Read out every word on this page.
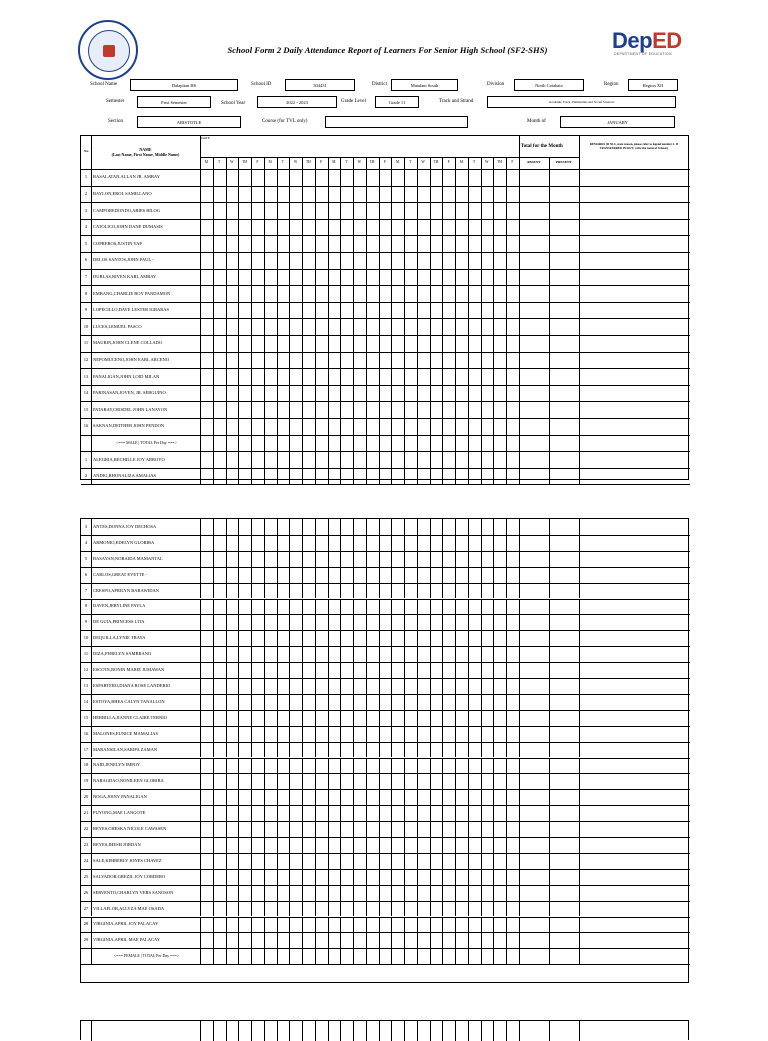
School Form 2 Daily Attendance Report of Learners For Senior High School (SF2-SHS)	DepED
DEPARTMENT OF EDUCATION
School Name	Dalapitan HS	School ID	304431	District	Matalam South	Division	North Cotabato	Region	Region XII
Semester	First Semester	School Year	2022 - 2023	Grade Level	Grade 11	Track and Strand	Academic Track -Humanities and Social Sciences
Section	ARISTOTLE	Course (for TVL only)	Month of	JANUARY
No.	NAME
(Last Name, First Name, Middle Name)
DATE
M	T	W	TH	F	M	T	W	TH	F	M	T	W	TH	F	M	T	W	TH	F	M	T	W	TH	F
Total for the Month
ABSENT	PRESENT
REMARKS (If NLS, state reason, please refer to legend number 2. If TRANSFERRED IN/OUT, write the name of School.)
1	BASALATAN,ALLAN JR. AMBAY
2	BAYLON,EROL SAMILLANO
3	CAMPOREDONDO,ARIES BILOG
4	CATOLICO,JOHN DANE DUMASIS
5	COPREROS,JUSTIN YAP
6	DELOS SANTOS,JOHN PAUL -
7	DUBLAS,RIVEN KARL AMBAY
8	EMBANG,CHARLIE BOY PANDAMON
9	LOPECILLO,DAVE LESTER IGBARAS
10	LUCES,LEMUEL PASCO
11	MAURIN,JOHN CLENE COLLADO
12	NEPOMUCENO,JOHN EARL ARCEÑO
13	PANALIGAN,JOHN LOID MILAN
14	PARINASAN,JOVEN, JR. SERGUINO
15	PATARAY,CRISDEL JOHN LANAYON
16	SAKNAN,DEITHER JOHN PENDON
<=== MALE | TOTAL Per Day ===>
1	ALEGRIA,RECHILLE JOY ARROYO
2	ANDIG,RHONALIZA AMALIAS
3	ANTES,DONNA JOY DECHOSA
4	ARMONIO,EDELYN GLORIBA
5	BASAYAN,NORAIDA MAMANTAL
6	CARLOS,GREAT EVETTE -
7	CRESPO,APRILYN BARAWIDAN
8	DAVEN,JERYLINE PAYLA
9	DE GUIA,PRINCESS LITA
10	DEQUILLA,LYNIE TRAYA
11	DIZA,FEBELYN SAMBRANO
12	ESCOTE,RONIN MARIE JUMAWAN
13	ESPARTERO,DIANA ROSE LANDERIO
14	ESTOYA,RHEA CALYN TANALLON
15	HERBILLA,JIANNE CLAIRE TERNIO
16	MALONES,EUNICE MAMALIAS
17	MARANSILAN,SARIPA ZAMAN
18	NAID,JENELYN IMPOY
19	NARAGDAO,NONILEEN GLORIBA
20	NOGA,JOINY PANALIGAN
21	PUYONG,MAE LANGOTE
22	REYES,CHESKA NICOLE CAWASEN
23	REYES,JHESH JORDAN
24	SALE,KIMBERLY JONES CHAVEZ
25	SALVADOR,GREZIL JOY CORDERO
26	SERVENTO,CHARLYN VERS SANOSON
27	VILLAFLOR,ALLYZA MAE OSADA
28	VIRGINIA,APRIL JOY PALACAY
29	VIRGINIA,APRIL MAE PALACAY
<=== FEMALE | TOTAL Per Day ===>
